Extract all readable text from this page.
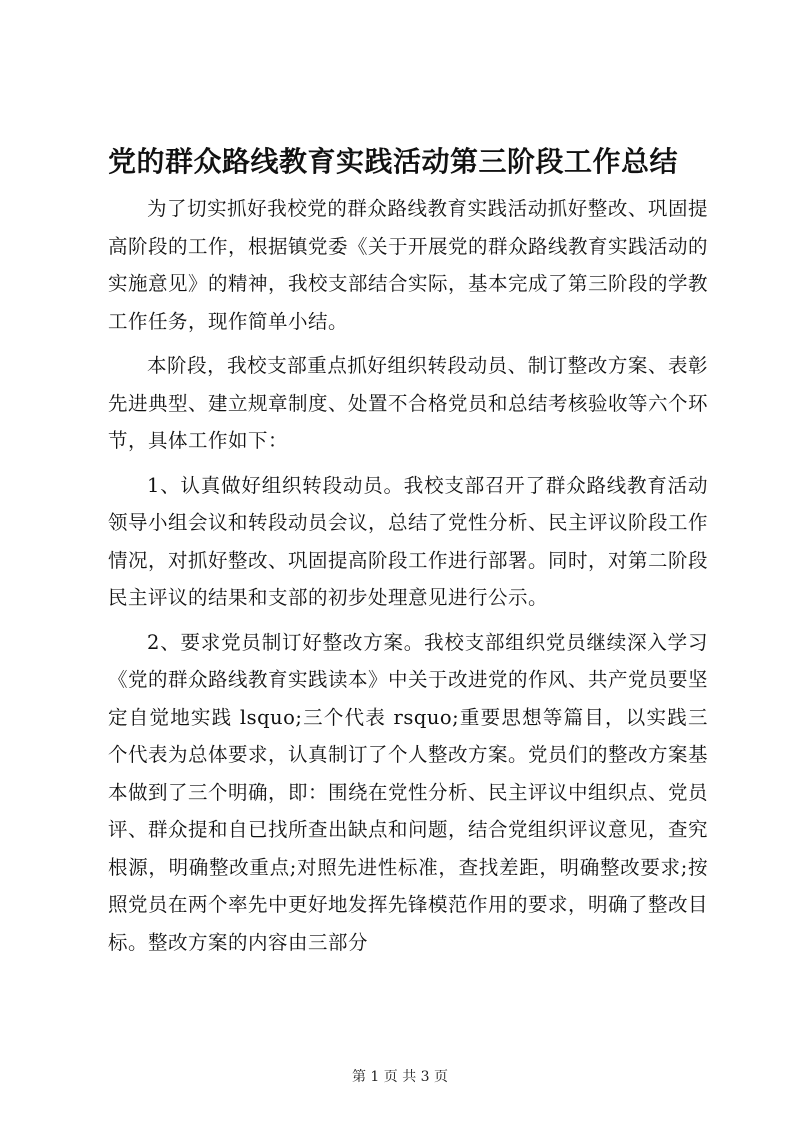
党的群众路线教育实践活动第三阶段工作总结

为了切实抓好我校党的群众路线教育实践活动抓好整改、巩固提高阶段的工作，根据镇党委《关于开展党的群众路线教育实践活动的实施意见》的精神，我校支部结合实际，基本完成了第三阶段的学教工作任务，现作简单小结。

本阶段，我校支部重点抓好组织转段动员、制订整改方案、表彰先进典型、建立规章制度、处置不合格党员和总结考核验收等六个环节，具体工作如下：

1、认真做好组织转段动员。我校支部召开了群众路线教育活动领导小组会议和转段动员会议，总结了党性分析、民主评议阶段工作情况，对抓好整改、巩固提高阶段工作进行部署。同时，对第二阶段民主评议的结果和支部的初步处理意见进行公示。

2、要求党员制订好整改方案。我校支部组织党员继续深入学习《党的群众路线教育实践读本》中关于改进党的作风、共产党员要坚定自觉地实践 lsquo;三个代表 rsquo;重要思想等篇目，以实践三个代表为总体要求，认真制订了个人整改方案。党员们的整改方案基本做到了三个明确，即：围绕在党性分析、民主评议中组织点、党员评、群众提和自已找所查出缺点和问题，结合党组织评议意见，查究根源，明确整改重点;对照先进性标准，查找差距，明确整改要求;按照党员在两个率先中更好地发挥先锋模范作用的要求，明确了整改目标。整改方案的内容由三部分

第 1 页 共 3 页
